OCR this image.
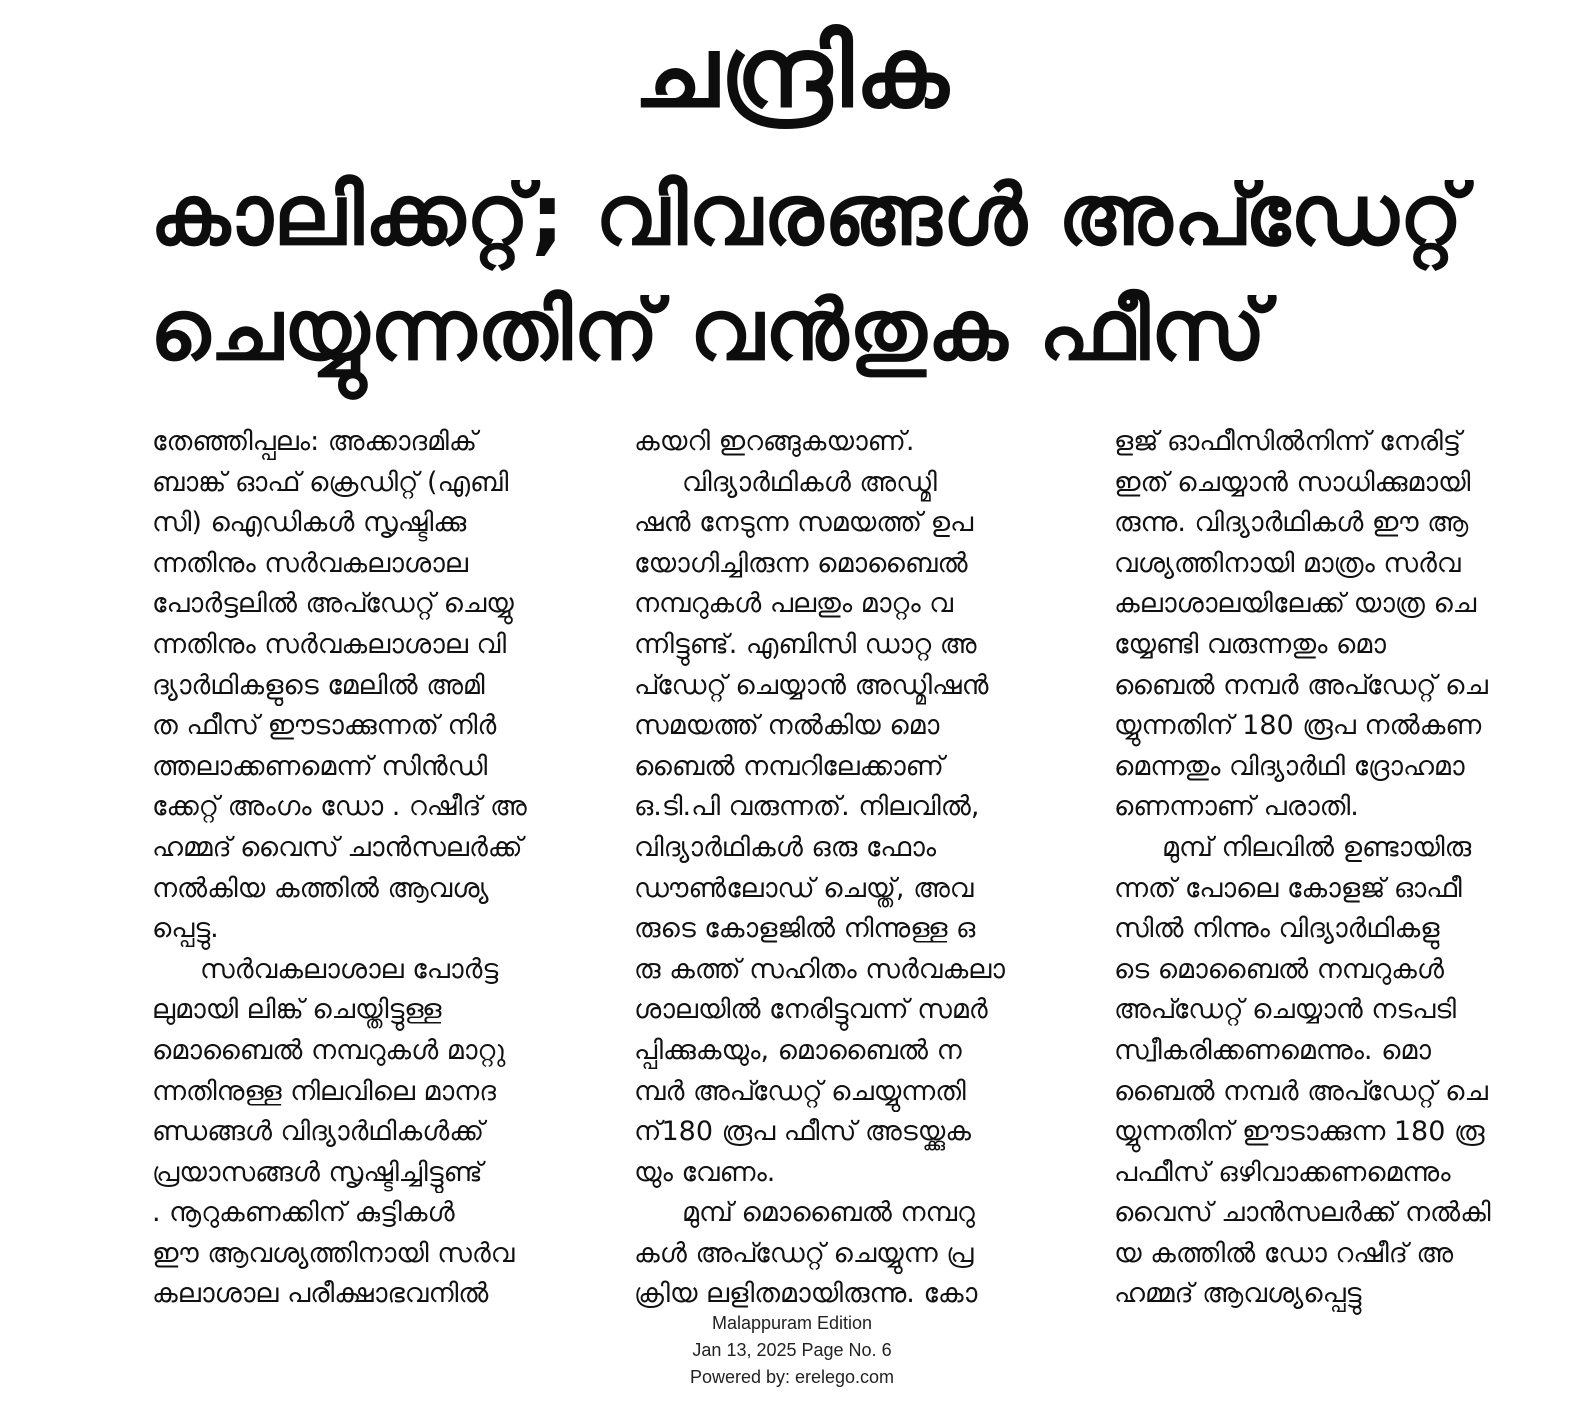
ചന്ദ്രിക
കാലിക്കറ്റ്; വിവരങ്ങൾ അപ്ഡേറ്റ്
ചെയ്യുന്നതിന് വൻതുക ഫീസ്
തേഞ്ഞിപ്പലം: അക്കാദമിക്
ബാങ്ക് ഓഫ് ക്രെഡിറ്റ് (എബി
സി) ഐഡികൾ സൃഷ്ടിക്കു
ന്നതിനും സർവകലാശാല
പോർട്ടലിൽ അപ്ഡേറ്റ് ചെയ്യു
ന്നതിനും സർവകലാശാല വി
ദ്യാർഥികളുടെ മേലിൽ അമി
ത ഫീസ് ഈടാക്കുന്നത് നിർ
ത്തലാക്കണമെന്ന് സിൻഡി
ക്കേറ്റ് അംഗം ഡോ . റഷീദ് അ
ഹമ്മദ് വൈസ് ചാൻസലർക്ക്
നൽകിയ കത്തിൽ ആവശ്യ
പ്പെട്ടു.
സർവകലാശാല പോർട്ട
ലുമായി ലിങ്ക് ചെയ്തിട്ടുള്ള
മൊബൈൽ നമ്പറുകൾ മാറ്റു
ന്നതിനുള്ള നിലവിലെ മാനദ
ണ്ഡങ്ങൾ വിദ്യാർഥികൾക്ക്
പ്രയാസങ്ങൾ സൃഷ്ടിച്ചിട്ടുണ്ട്
. നൂറുകണക്കിന് കുട്ടികൾ
ഈ ആവശ്യത്തിനായി സർവ
കലാശാല പരീക്ഷാഭവനിൽ
കയറി ഇറങ്ങുകയാണ്.
വിദ്യാർഥികൾ അഡ്മി
ഷൻ നേടുന്ന സമയത്ത് ഉപ
യോഗിച്ചിരുന്ന മൊബൈൽ
നമ്പറുകൾ പലതും മാറ്റം വ
ന്നിട്ടുണ്ട്. എബിസി ഡാറ്റ അ
പ്ഡേറ്റ് ചെയ്യാൻ അഡ്മിഷൻ
സമയത്ത് നൽകിയ മൊ
ബൈൽ നമ്പറിലേക്കാണ്
ഒ.ടി.പി വരുന്നത്. നിലവിൽ,
വിദ്യാർഥികൾ ഒരു ഫോം
ഡൗൺലോഡ് ചെയ്ത്, അവ
രുടെ കോളജിൽ നിന്നുള്ള ഒ
രു കത്ത് സഹിതം സർവകലാ
ശാലയിൽ നേരിട്ടുവന്ന് സമർ
പ്പിക്കുകയും, മൊബൈൽ ന
മ്പർ അപ്ഡേറ്റ് ചെയ്യുന്നതി
ന്180 രൂപ ഫീസ് അടയ്ക്കുക
യും വേണം.
മുമ്പ് മൊബൈൽ നമ്പറു
കൾ അപ്ഡേറ്റ് ചെയ്യുന്ന പ്ര
ക്രിയ ലളിതമായിരുന്നു. കോ
ളജ് ഓഫീസിൽനിന്ന് നേരിട്ട്
ഇത് ചെയ്യാൻ സാധിക്കുമായി
രുന്നു. വിദ്യാർഥികൾ ഈ ആ
വശ്യത്തിനായി മാത്രം സർവ
കലാശാലയിലേക്ക് യാത്ര ചെ
യ്യേണ്ടി വരുന്നതും മൊ
ബൈൽ നമ്പർ അപ്ഡേറ്റ് ചെ
യ്യുന്നതിന് 180 രൂപ നൽകണ
മെന്നതും വിദ്യാർഥി ദ്രോഹമാ
ണെന്നാണ് പരാതി.
മുമ്പ് നിലവിൽ ഉണ്ടായിരു
ന്നത് പോലെ കോളജ് ഓഫീ
സിൽ നിന്നും വിദ്യാർഥികളു
ടെ മൊബൈൽ നമ്പറുകൾ
അപ്ഡേറ്റ് ചെയ്യാൻ നടപടി
സ്വീകരിക്കണമെന്നും. മൊ
ബൈൽ നമ്പർ അപ്ഡേറ്റ് ചെ
യ്യുന്നതിന് ഈടാക്കുന്ന 180 രൂ
പഫീസ് ഒഴിവാക്കണമെന്നും
വൈസ് ചാൻസലർക്ക് നൽകി
യ കത്തിൽ ഡോ റഷീദ് അ
ഹമ്മദ് ആവശ്യപ്പെട്ടു
Malappuram Edition
Jan 13, 2025 Page No. 6
Powered by: erelego.com
